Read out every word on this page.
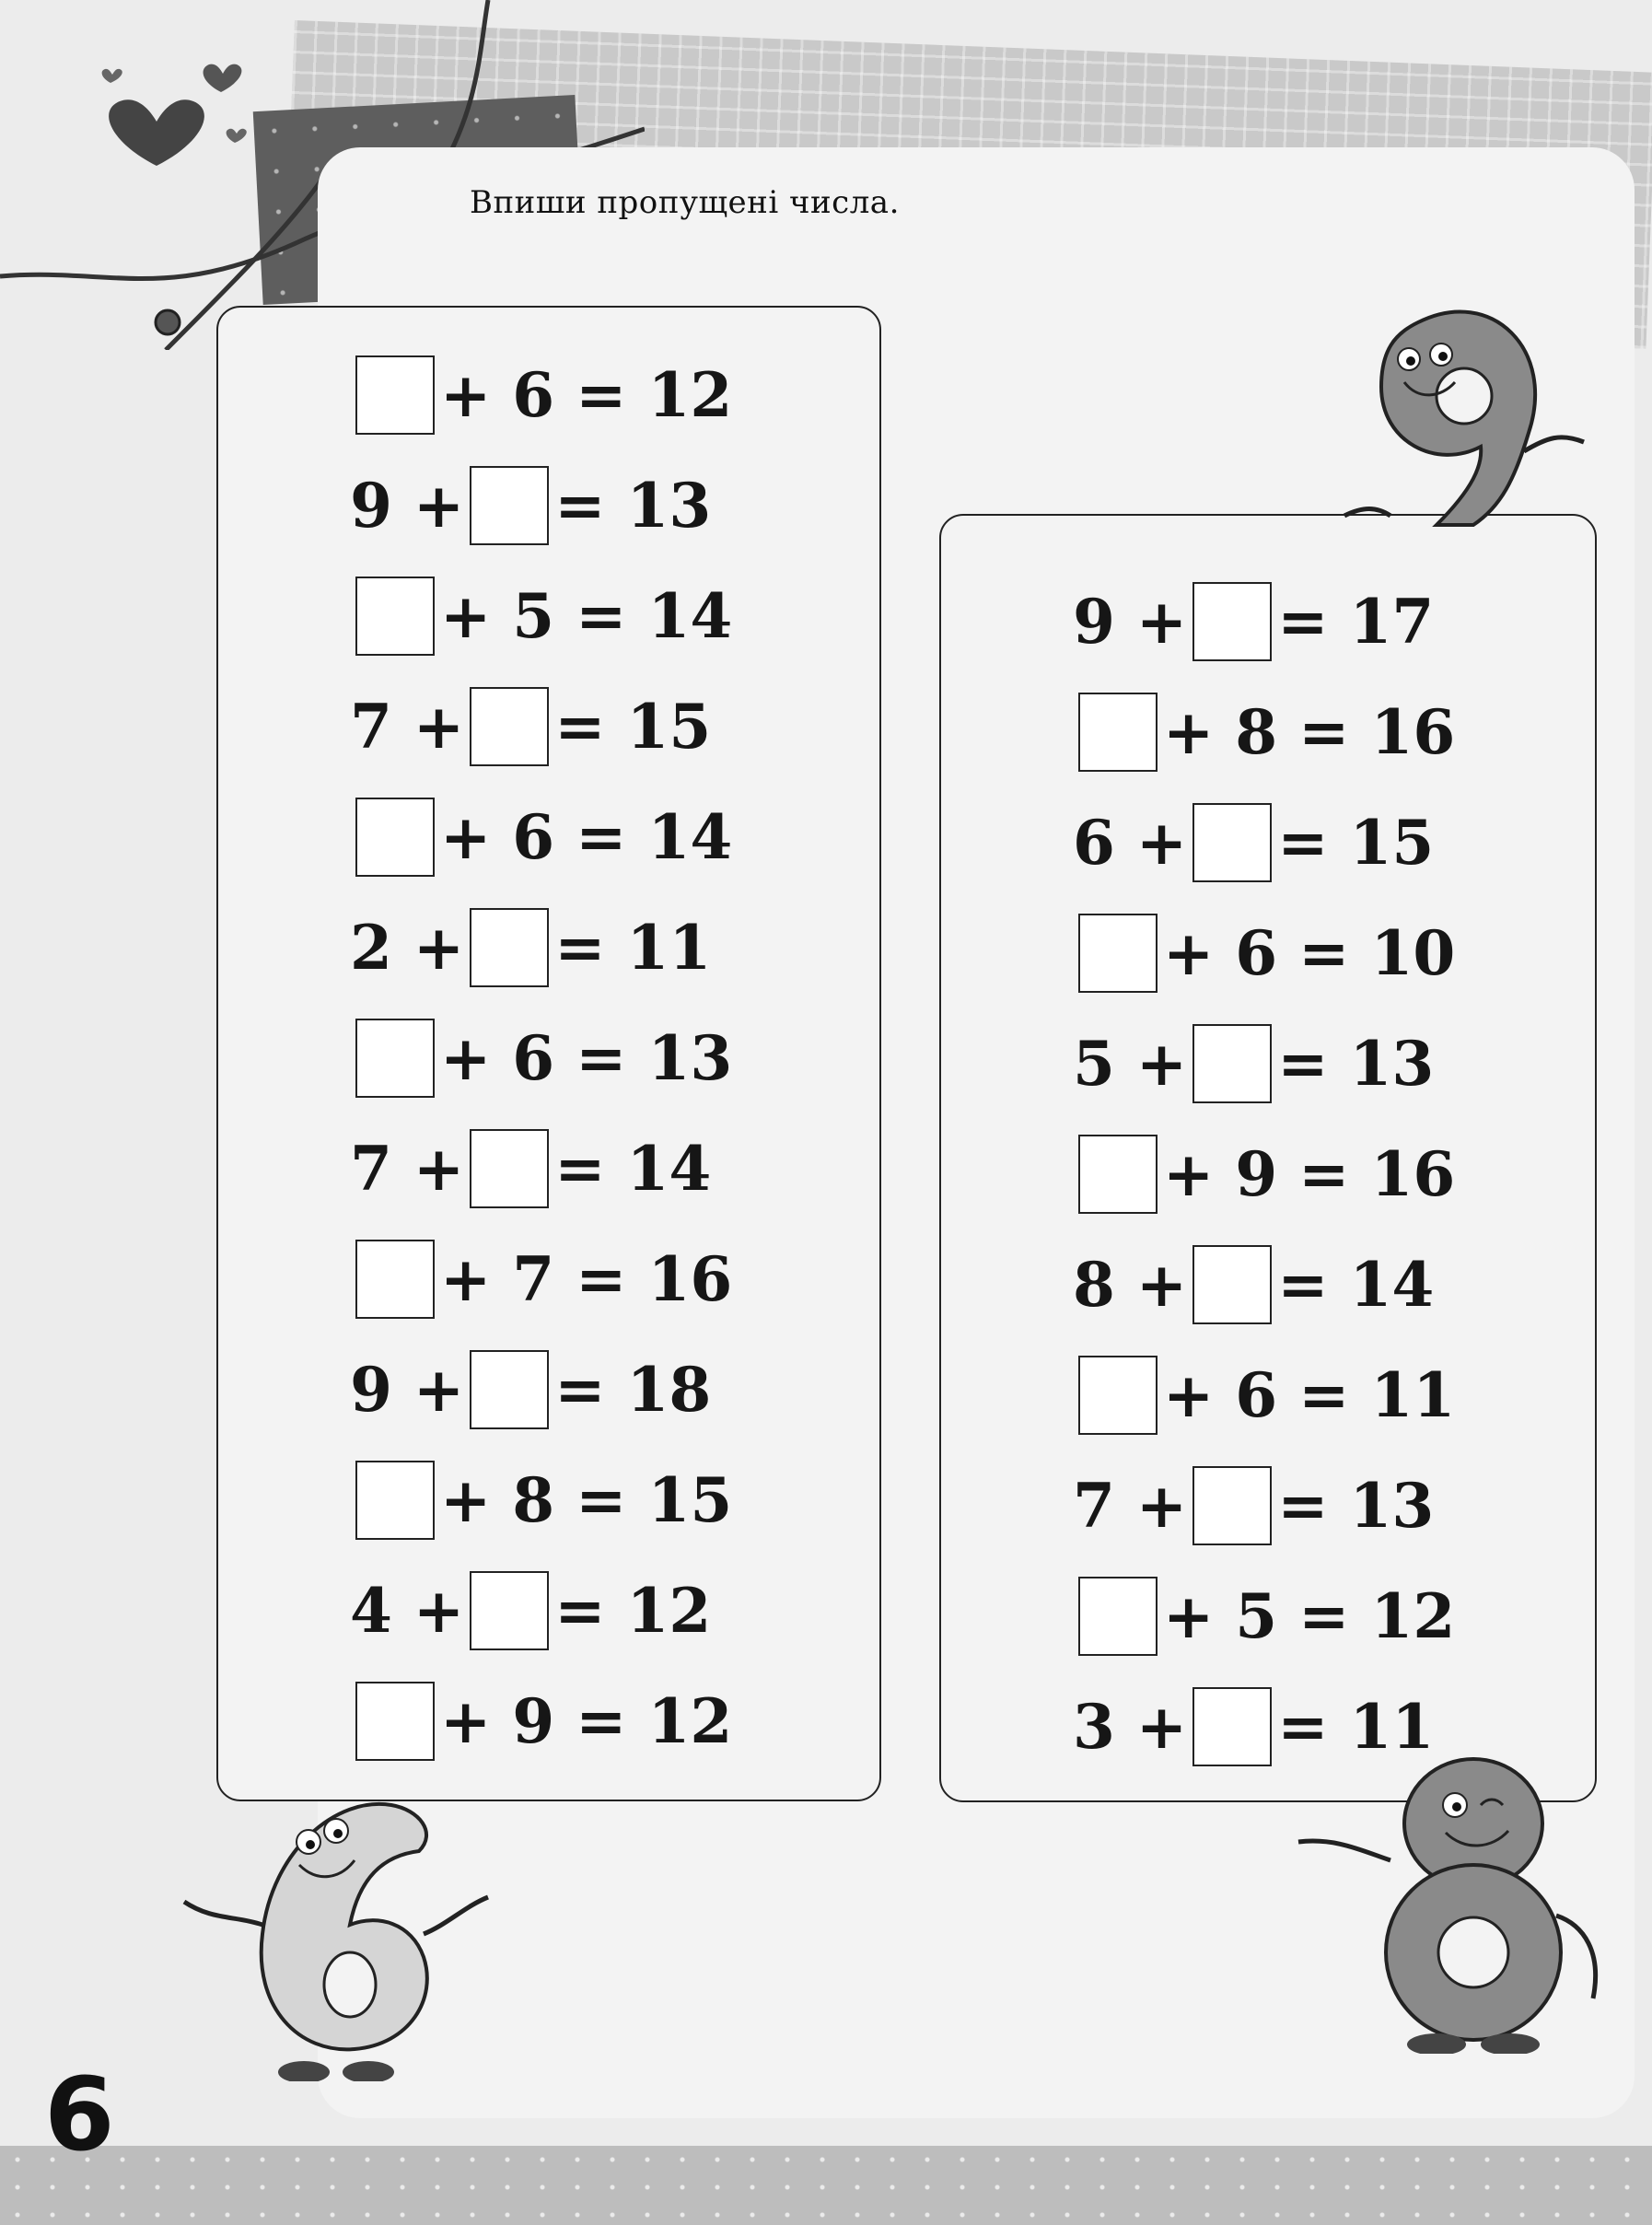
Впиши пропущені числа.

+ 6 = 12
9 + = 13
+ 5 = 14
7 + = 15
+ 6 = 14
2 + = 11
+ 6 = 13
7 + = 14
+ 7 = 16
9 + = 18
+ 8 = 15
4 + = 12
+ 9 = 12
9 + = 17
+ 8 = 16
6 + = 15
+ 6 = 10
5 + = 13
+ 9 = 16
8 + = 14
+ 6 = 11
7 + = 13
+ 5 = 12
3 + = 11

6
